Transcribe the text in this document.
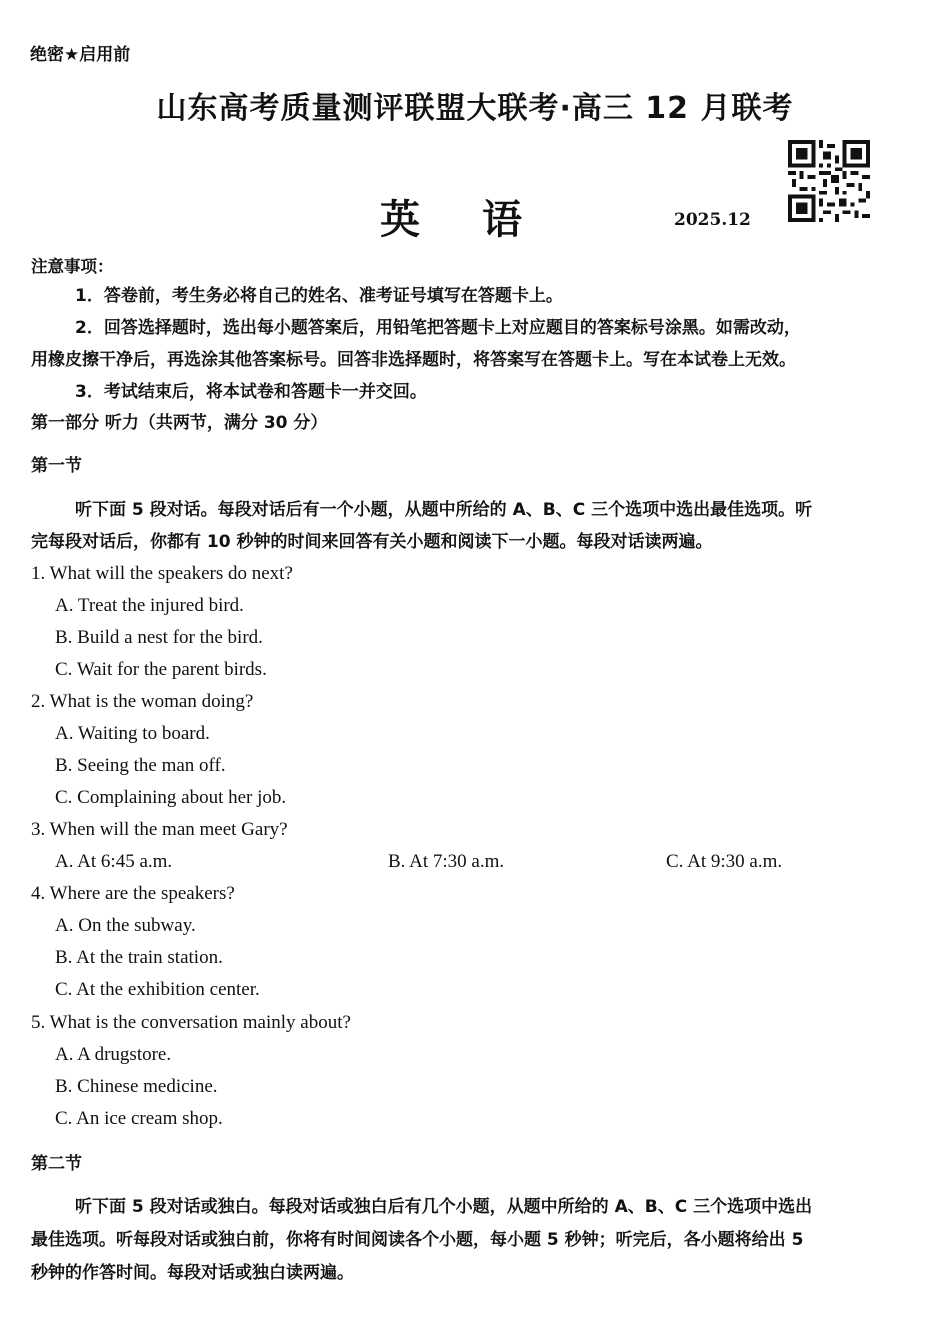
绝密★启用前
山东高考质量测评联盟大联考·高三 12 月联考
英语	2025.12
注意事项：
1．答卷前，考生务必将自己的姓名、准考证号填写在答题卡上。
2．回答选择题时，选出每小题答案后，用铅笔把答题卡上对应题目的答案标号涂黑。如需改动，
用橡皮擦干净后，再选涂其他答案标号。回答非选择题时，将答案写在答题卡上。写在本试卷上无效。
3．考试结束后，将本试卷和答题卡一并交回。
第一部分 听力（共两节，满分 30 分）
第一节
听下面 5 段对话。每段对话后有一个小题，从题中所给的 A、B、C 三个选项中选出最佳选项。听
完每段对话后，你都有 10 秒钟的时间来回答有关小题和阅读下一小题。每段对话读两遍。
1. What will the speakers do next?
A. Treat the injured bird.
B. Build a nest for the bird.
C. Wait for the parent birds.
2. What is the woman doing?
A. Waiting to board.
B. Seeing the man off.
C. Complaining about her job.
3. When will the man meet Gary?
A. At 6:45 a.m.	B. At 7:30 a.m.	C. At 9:30 a.m.
4. Where are the speakers?
A. On the subway.
B. At the train station.
C. At the exhibition center.
5. What is the conversation mainly about?
A. A drugstore.
B. Chinese medicine.
C. An ice cream shop.
第二节
听下面 5 段对话或独白。每段对话或独白后有几个小题，从题中所给的 A、B、C 三个选项中选出
最佳选项。听每段对话或独白前，你将有时间阅读各个小题，每小题 5 秒钟；听完后，各小题将给出 5
秒钟的作答时间。每段对话或独白读两遍。
